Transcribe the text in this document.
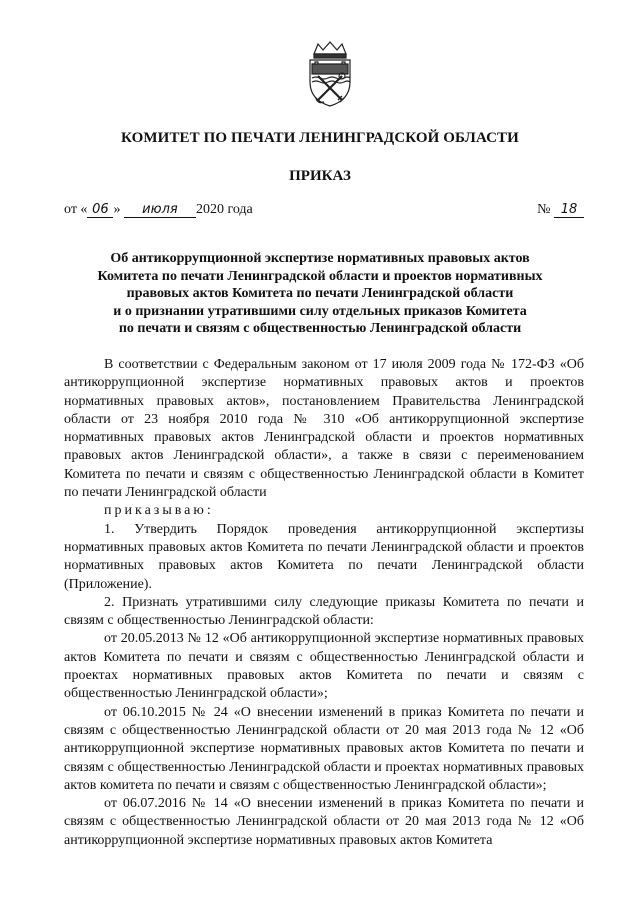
КОМИТЕТ ПО ПЕЧАТИ ЛЕНИНГРАДСКОЙ ОБЛАСТИ
ПРИКАЗ
от « 06 » июля 2020 года	№ 18
Об антикоррупционной экспертизе нормативных правовых актов
Комитета по печати Ленинградской области и проектов нормативных
правовых актов Комитета по печати Ленинградской области
и о признании утратившими силу отдельных приказов Комитета
по печати и связям с общественностью Ленинградской области

В соответствии с Федеральным законом от 17 июля 2009 года № 172-ФЗ «Об антикоррупционной экспертизе нормативных правовых актов и проектов нормативных правовых актов», постановлением Правительства Ленинградской области от 23 ноября 2010 года № 310 «Об антикоррупционной экспертизе нормативных правовых актов Ленинградской области и проектов нормативных правовых актов Ленинградской области», а также в связи с переименованием Комитета по печати и связям с общественностью Ленинградской области в Комитет по печати Ленинградской области

приказываю:

1. Утвердить Порядок проведения антикоррупционной экспертизы нормативных правовых актов Комитета по печати Ленинградской области и проектов нормативных правовых актов Комитета по печати Ленинградской области (Приложение).

2. Признать утратившими силу следующие приказы Комитета по печати и связям с общественностью Ленинградской области:

от 20.05.2013 № 12 «Об антикоррупционной экспертизе нормативных правовых актов Комитета по печати и связям с общественностью Ленинградской области и проектах нормативных правовых актов Комитета по печати и связям с общественностью Ленинградской области»;

от 06.10.2015 № 24 «О внесении изменений в приказ Комитета по печати и связям с общественностью Ленинградской области от 20 мая 2013 года № 12 «Об антикоррупционной экспертизе нормативных правовых актов Комитета по печати и связям с общественностью Ленинградской области и проектах нормативных правовых актов комитета по печати и связям с общественностью Ленинградской области»;

от 06.07.2016 № 14 «О внесении изменений в приказ Комитета по печати и связям с общественностью Ленинградской области от 20 мая 2013 года № 12 «Об антикоррупционной экспертизе нормативных правовых актов Комитета
